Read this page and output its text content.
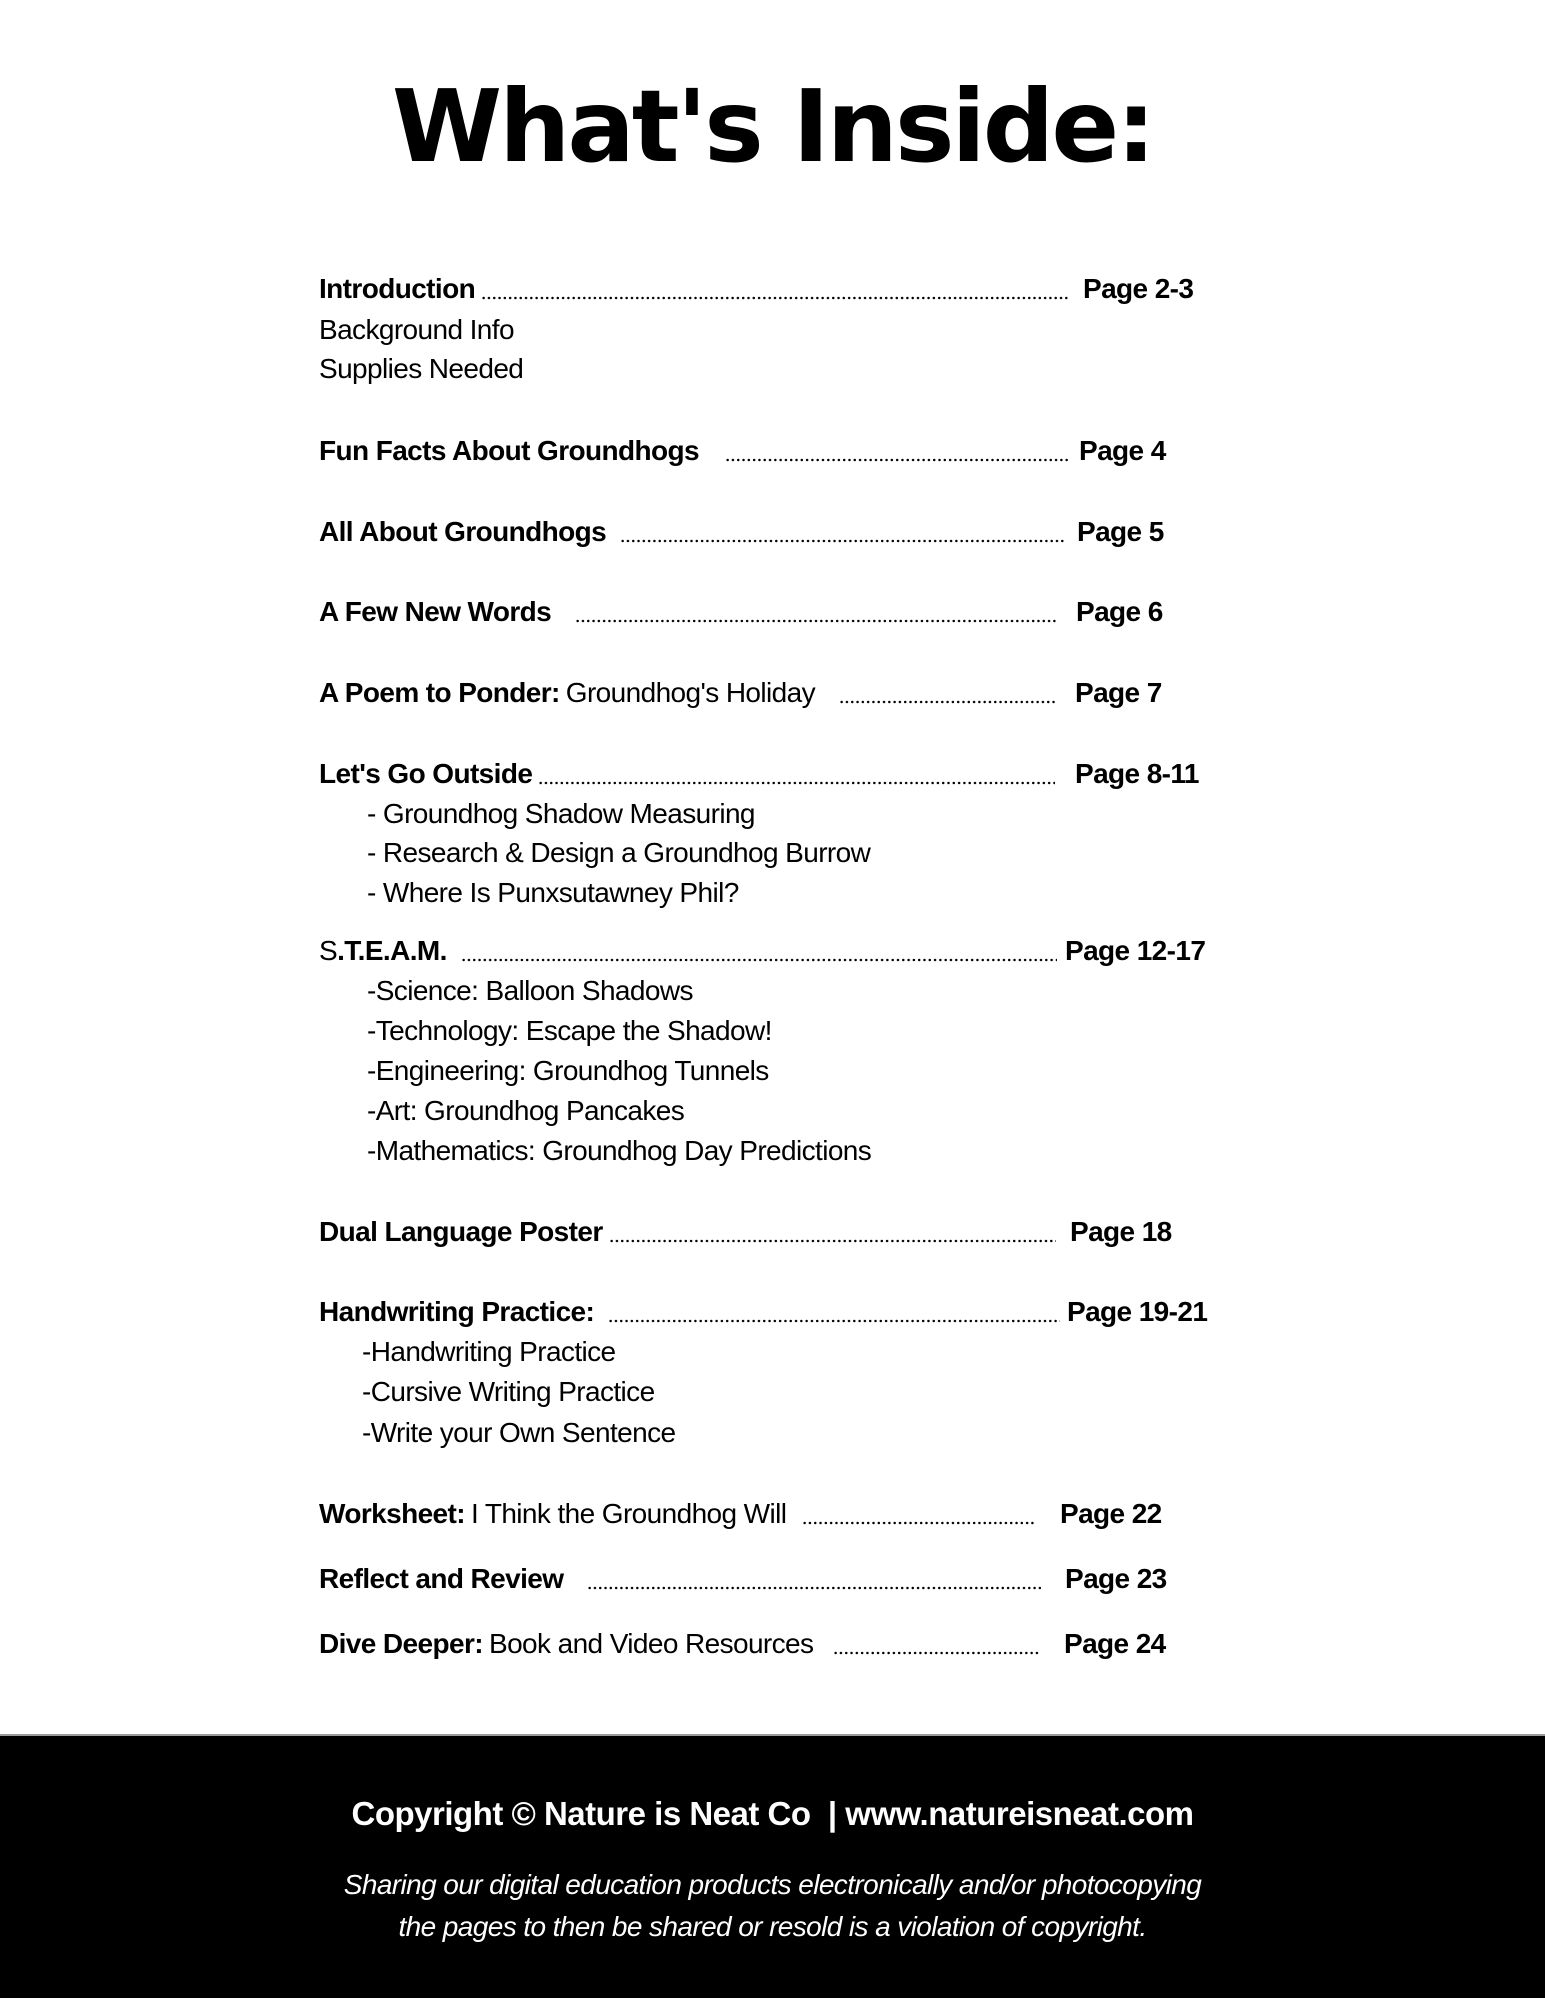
What's Inside:
Introduction	Page 2-3
Background Info
Supplies Needed
Fun Facts About Groundhogs	Page 4
All About Groundhogs	Page 5
A Few New Words	Page 6
A Poem to Ponder: Groundhog's Holiday	Page 7
Let's Go Outside	Page 8-11
- Groundhog Shadow Measuring
- Research & Design a Groundhog Burrow
- Where Is Punxsutawney Phil?
S .T.E.A.M.	Page 12-17
-Science: Balloon Shadows
-Technology: Escape the Shadow!
-Engineering: Groundhog Tunnels
-Art: Groundhog Pancakes
-Mathematics: Groundhog Day Predictions
Dual Language Poster	Page 18
Handwriting Practice:	Page 19-21
-Handwriting Practice
-Cursive Writing Practice
-Write your Own Sentence
Worksheet: I Think the Groundhog Will	Page 22
Reflect and Review	Page 23
Dive Deeper: Book and Video Resources	Page 24
Copyright © Nature is Neat Co  | www.natureisneat.com
Sharing our digital education products electronically and/or photocopying
the pages to then be shared or resold is a violation of copyright.
